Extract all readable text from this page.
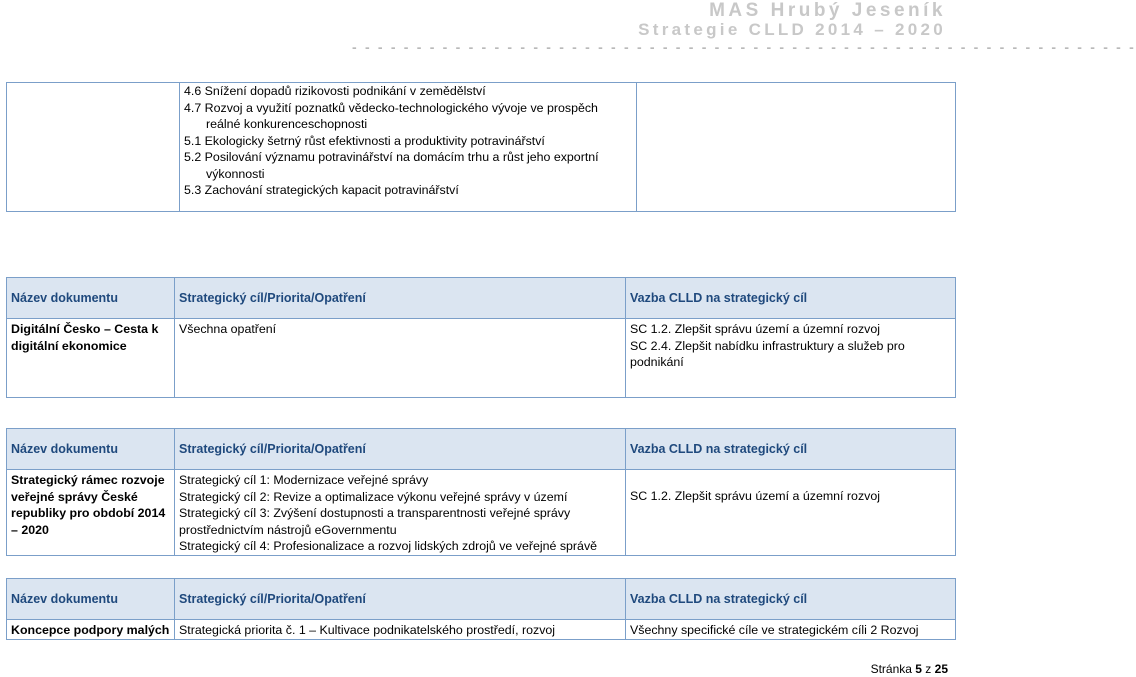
MAS Hrubý Jeseník
Strategie CLLD 2014 – 2020
- - - - - - - - - - - - - - - - - - - - - - - - - - - - - - - - - - - - - - - - - - - - - - - - - - - - - - - - - - - - -

4.6 Snížení dopadů rizikovosti podnikání v zemědělství
4.7 Rozvoj a využití poznatků vědecko-technologického vývoje ve prospěch
reálné konkurenceschopnosti
5.1 Ekologicky šetrný růst efektivnosti a produktivity potravinářství
5.2 Posilování významu potravinářství na domácím trhu a růst jeho exportní
výkonnosti
5.3 Zachování strategických kapacit potravinářství

Název dokumentu	Strategický cíl/Priorita/Opatření	Vazba CLLD na strategický cíl
Digitální Česko – Cesta k digitální ekonomice	Všechna opatření	SC 1.2. Zlepšit správu území a územní rozvoj
SC 2.4. Zlepšit nabídku infrastruktury a služeb pro podnikání
Název dokumentu	Strategický cíl/Priorita/Opatření	Vazba CLLD na strategický cíl
Strategický rámec rozvoje veřejné správy České republiky pro období 2014 – 2020	Strategický cíl 1: Modernizace veřejné správy
Strategický cíl 2: Revize a optimalizace výkonu veřejné správy v území
Strategický cíl 3: Zvýšení dostupnosti a transparentnosti veřejné správy prostřednictvím nástrojů eGovernmentu
Strategický cíl 4: Profesionalizace a rozvoj lidských zdrojů ve veřejné správě	SC 1.2. Zlepšit správu území a územní rozvoj
Název dokumentu	Strategický cíl/Priorita/Opatření	Vazba CLLD na strategický cíl
Koncepce podpory malých	Strategická priorita č. 1 – Kultivace podnikatelského prostředí, rozvoj	Všechny specifické cíle ve strategickém cíli 2 Rozvoj
Stránka 5 z 25
